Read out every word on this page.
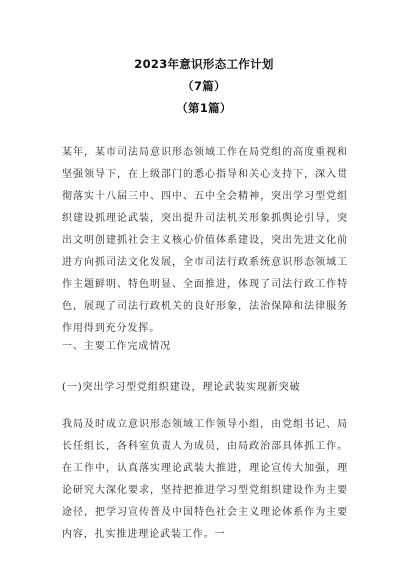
2023年意识形态工作计划
（7篇）
（第1篇）
某年，某市司法局意识形态领域工作在局党组的高度重视和坚强领导下，在上级部门的悉心指导和关心支持下，深入贯彻落实十八届三中、四中、五中全会精神，突出学习型党组织建设抓理论武装，突出提升司法机关形象抓舆论引导，突出文明创建抓社会主义核心价值体系建设，突出先进文化前进方向抓司法文化发展，全市司法行政系统意识形态领域工作主题鲜明、特色明显、全面推进，体现了司法行政工作特色，展现了司法行政机关的良好形象，法治保障和法律服务作用得到充分发挥。
一、主要工作完成情况
(一)突出学习型党组织建设，理论武装实现新突破
我局及时成立意识形态领域工作领导小组，由党组书记、局长任组长，各科室负责人为成员，由局政治部具体抓工作。在工作中，认真落实理论武装大推进，理论宣传大加强，理论研究大深化要求，坚持把推进学习型党组织建设作为主要途径，把学习宣传普及中国特色社会主义理论体系作为主要内容，扎实推进理论武装工作。一
